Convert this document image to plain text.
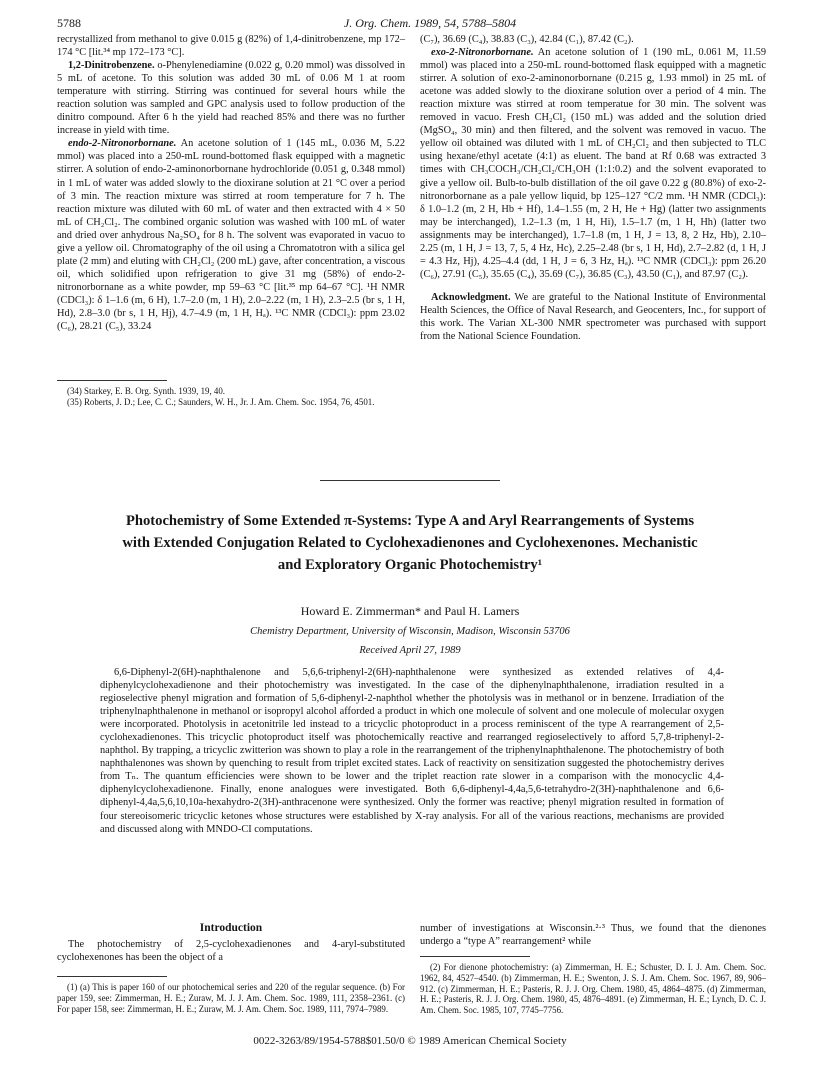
5788	J. Org. Chem. 1989, 54, 5788–5804

recrystallized from methanol to give 0.015 g (82%) of 1,4-dinitrobenzene, mp 172–174 °C [lit.³⁴ mp 172–173 °C].

1,2-Dinitrobenzene. o-Phenylenediamine (0.022 g, 0.20 mmol) was dissolved in 5 mL of acetone. To this solution was added 30 mL of 0.06 M 1 at room temperature with stirring. Stirring was continued for several hours while the reaction solution was sampled and GPC analysis used to follow production of the dinitro compound. After 6 h the yield had reached 85% and there was no further increase in yield with time.

endo-2-Nitronorbornane. An acetone solution of 1 (145 mL, 0.036 M, 5.22 mmol) was placed into a 250-mL round-bottomed flask equipped with a magnetic stirrer. A solution of endo-2-aminonorbornane hydrochloride (0.051 g, 0.348 mmol) in 1 mL of water was added slowly to the dioxirane solution at 21 °C over a period of 3 min. The reaction mixture was stirred at room temperature for 7 h. The reaction mixture was diluted with 60 mL of water and then extracted with 4 × 50 mL of CH₂Cl₂. The combined organic solution was washed with 100 mL of water and dried over anhydrous Na₂SO₄ for 8 h. The solvent was evaporated in vacuo to give a yellow oil. Chromatography of the oil using a Chromatotron with a silica gel plate (2 mm) and eluting with CH₂Cl₂ (200 mL) gave, after concentration, a viscous oil, which solidified upon refrigeration to give 31 mg (58%) of endo-2-nitronorbornane as a white powder, mp 59–63 °C [lit.³⁵ mp 64–67 °C]. ¹H NMR (CDCl₃): δ 1–1.6 (m, 6 H), 1.7–2.0 (m, 1 H), 2.0–2.22 (m, 1 H), 2.3–2.5 (br s, 1 H, Hd), 2.8–3.0 (br s, 1 H, Hj), 4.7–4.9 (m, 1 H, Hₐ). ¹³C NMR (CDCl₃): ppm 23.02 (C₆), 28.21 (C₅), 33.24

(34) Starkey, E. B. Org. Synth. 1939, 19, 40.

(35) Roberts, J. D.; Lee, C. C.; Saunders, W. H., Jr. J. Am. Chem. Soc. 1954, 76, 4501.

(C₇), 36.69 (C₄), 38.83 (C₃), 42.84 (C₁), 87.42 (C₂).

exo-2-Nitronorbornane. An acetone solution of 1 (190 mL, 0.061 M, 11.59 mmol) was placed into a 250-mL round-bottomed flask equipped with a magnetic stirrer. A solution of exo-2-aminonorbornane (0.215 g, 1.93 mmol) in 25 mL of acetone was added slowly to the dioxirane solution over a period of 4 min. The reaction mixture was stirred at room temperatue for 30 min. The solvent was removed in vacuo. Fresh CH₂Cl₂ (150 mL) was added and the solution dried (MgSO₄, 30 min) and then filtered, and the solvent was removed in vacuo. The yellow oil obtained was diluted with 1 mL of CH₂Cl₂ and then subjected to TLC using hexane/ethyl acetate (4:1) as eluent. The band at Rf 0.68 was extracted 3 times with CH₃COCH₃/CH₂Cl₂/CH₃OH (1:1:0.2) and the solvent evaporated to give a yellow oil. Bulb-to-bulb distillation of the oil gave 0.22 g (80.8%) of exo-2-nitronorbornane as a pale yellow liquid, bp 125–127 °C/2 mm. ¹H NMR (CDCl₃): δ 1.0–1.2 (m, 2 H, Hb + Hf), 1.4–1.55 (m, 2 H, He + Hg) (latter two assignments may be interchanged), 1.2–1.3 (m, 1 H, Hi), 1.5–1.7 (m, 1 H, Hh) (latter two assignments may be interchanged), 1.7–1.8 (m, 1 H, J = 13, 8, 2 Hz, Hb), 2.10–2.25 (m, 1 H, J = 13, 7, 5, 4 Hz, Hc), 2.25–2.48 (br s, 1 H, Hd), 2.7–2.82 (d, 1 H, J = 4.3 Hz, Hj), 4.25–4.4 (dd, 1 H, J = 6, 3 Hz, Hₐ). ¹³C NMR (CDCl₃): ppm 26.20 (C₆), 27.91 (C₅), 35.65 (C₄), 35.69 (C₇), 36.85 (C₃), 43.50 (C₁), and 87.97 (C₂).

Acknowledgment. We are grateful to the National Institute of Environmental Health Sciences, the Office of Naval Research, and Geocenters, Inc., for support of this work. The Varian XL-300 NMR spectrometer was purchased with support from the National Science Foundation.

Photochemistry of Some Extended π-Systems: Type A and Aryl Rearrangements of Systems with Extended Conjugation Related to Cyclohexadienones and Cyclohexenones. Mechanistic and Exploratory Organic Photochemistry¹
Howard E. Zimmerman* and Paul H. Lamers
Chemistry Department, University of Wisconsin, Madison, Wisconsin 53706
Received April 27, 1989

6,6-Diphenyl-2(6H)-naphthalenone and 5,6,6-triphenyl-2(6H)-naphthalenone were synthesized as extended relatives of 4,4-diphenylcyclohexadienone and their photochemistry was investigated. In the case of the diphenylnaphthalenone, irradiation resulted in a regioselective phenyl migration and formation of 5,6-diphenyl-2-naphthol whether the photolysis was in methanol or in benzene. Irradiation of the triphenylnaphthalenone in methanol or isopropyl alcohol afforded a product in which one molecule of solvent and one molecule of molecular oxygen were incorporated. Photolysis in acetonitrile led instead to a tricyclic photoproduct in a process reminiscent of the type A rearrangement of 2,5-cyclohexadienones. This tricyclic photoproduct itself was photochemically reactive and rearranged regioselectively to afford 5,7,8-triphenyl-2-naphthol. By trapping, a tricyclic zwitterion was shown to play a role in the rearrangement of the triphenylnaphthalenone. The photochemistry of both naphthalenones was shown by quenching to result from triplet excited states. Lack of reactivity on sensitization suggested the photochemistry derives from Tₙ. The quantum efficiencies were shown to be lower and the triplet reaction rate slower in a comparison with the monocyclic 4,4-diphenylcyclohexadienone. Finally, enone analogues were investigated. Both 6,6-diphenyl-4,4a,5,6-tetrahydro-2(3H)-naphthalenone and 6,6-diphenyl-4,4a,5,6,10,10a-hexahydro-2(3H)-anthracenone were synthesized. Only the former was reactive; phenyl migration resulted in formation of four stereoisomeric tricyclic ketones whose structures were established by X-ray analysis. For all of the various reactions, mechanisms are provided and discussed along with MNDO-CI computations.

Introduction

The photochemistry of 2,5-cyclohexadienones and 4-aryl-substituted cyclohexenones has been the object of a

number of investigations at Wisconsin.²·³ Thus, we found that the dienones undergo a “type A” rearrangement² while

(1) (a) This is paper 160 of our photochemical series and 220 of the regular sequence. (b) For paper 159, see: Zimmerman, H. E.; Zuraw, M. J. J. Am. Chem. Soc. 1989, 111, 2358–2361. (c) For paper 158, see: Zimmerman, H. E.; Zuraw, M. J. Am. Chem. Soc. 1989, 111, 7974–7989.

(2) For dienone photochemistry: (a) Zimmerman, H. E.; Schuster, D. I. J. Am. Chem. Soc. 1962, 84, 4527–4540. (b) Zimmerman, H. E.; Swenton, J. S. J. Am. Chem. Soc. 1967, 89, 906–912. (c) Zimmerman, H. E.; Pasteris, R. J. J. Org. Chem. 1980, 45, 4864–4875. (d) Zimmerman, H. E.; Pasteris, R. J. J. Org. Chem. 1980, 45, 4876–4891. (e) Zimmerman, H. E.; Lynch, D. C. J. Am. Chem. Soc. 1985, 107, 7745–7756.

0022-3263/89/1954-5788$01.50/0 © 1989 American Chemical Society
